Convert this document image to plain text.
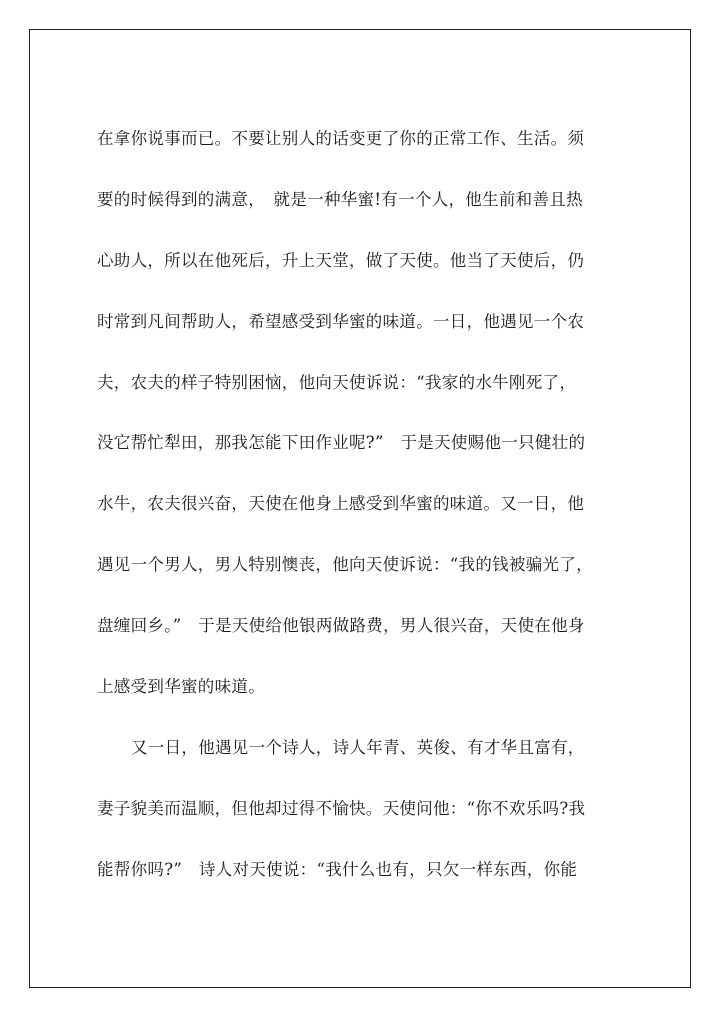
在拿你说事而已。不要让别人的话变更了你的正常工作、生活。须
要的时候得到的满意，　就是一种华蜜!有一个人，他生前和善且热
心助人，所以在他死后，升上天堂，做了天使。他当了天使后，仍
时常到凡间帮助人，希望感受到华蜜的味道。一日，他遇见一个农
夫，农夫的样子特别困恼，他向天使诉说：“我家的水牛刚死了，
没它帮忙犁田，那我怎能下田作业呢?”　于是天使赐他一只健壮的
水牛，农夫很兴奋，天使在他身上感受到华蜜的味道。又一日，他
遇见一个男人，男人特别懊丧，他向天使诉说：“我的钱被骗光了，
盘缠回乡。”　于是天使给他银两做路费，男人很兴奋，天使在他身
上感受到华蜜的味道。
又一日，他遇见一个诗人，诗人年青、英俊、有才华且富有，
妻子貌美而温顺，但他却过得不愉快。天使问他：“你不欢乐吗?我
能帮你吗?”　诗人对天使说：“我什么也有，只欠一样东西，你能
